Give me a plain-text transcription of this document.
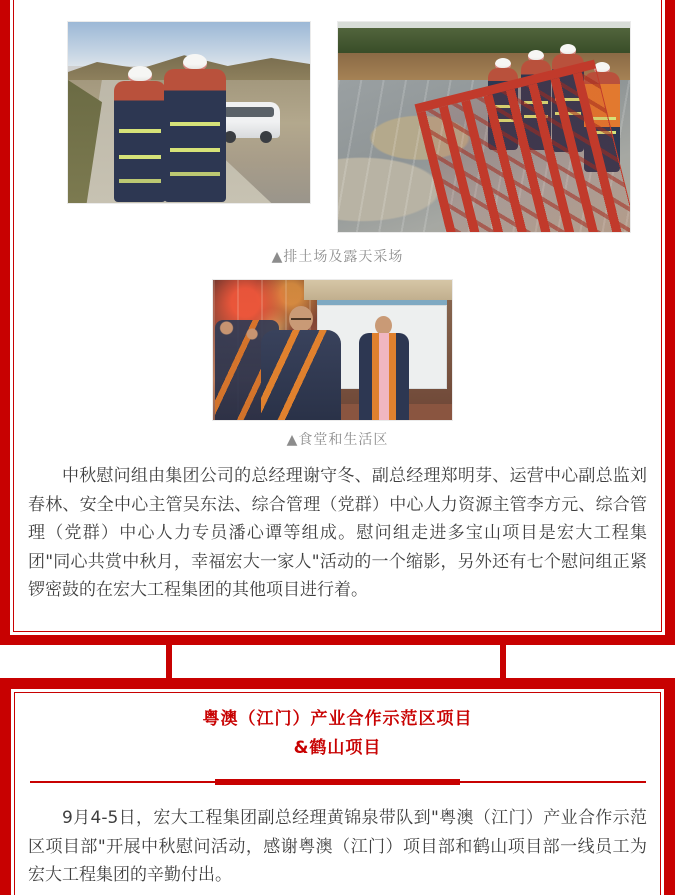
▲排土场及露天采场
▲食堂和生活区

中秋慰问组由集团公司的总经理谢守冬、副总经理郑明芽、运营中心副总监刘春林、安全中心主管吴东法、综合管理（党群）中心人力资源主管李方元、综合管理（党群）中心人力专员潘心谭等组成。慰问组走进多宝山项目是宏大工程集团"同心共赏中秋月，幸福宏大一家人"活动的一个缩影，另外还有七个慰问组正紧锣密鼓的在宏大工程集团的其他项目进行着。

粤澳（江门）产业合作示范区项目
&鹤山项目

9月4-5日，宏大工程集团副总经理黄锦泉带队到"粤澳（江门）产业合作示范区项目部"开展中秋慰问活动，感谢粤澳（江门）项目部和鹤山项目部一线员工为宏大工程集团的辛勤付出。
